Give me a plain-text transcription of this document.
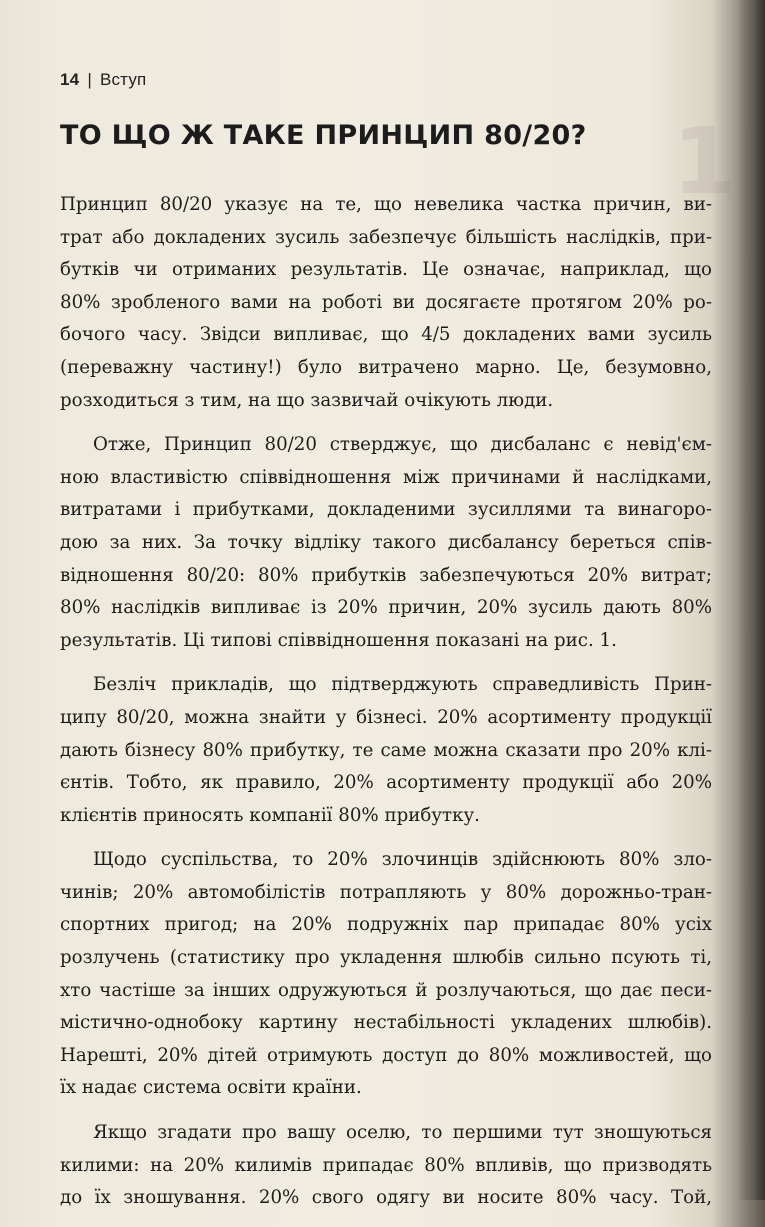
1
14 | Вступ
ТО ЩО Ж ТАКЕ ПРИНЦИП 80/20?

Принцип 80/20 указує на те, що невелика частка причин, ви-
трат або докладених зусиль забезпечує більшість наслідків, при-
бутків чи отриманих результатів. Це означає, наприклад, що
80% зробленого вами на роботі ви досягаєте протягом 20% ро-
бочого часу. Звідси випливає, що 4/5 докладених вами зусиль
(переважну частину!) було витрачено марно. Це, безумовно,
розходиться з тим, на що зазвичай очікують люди.

Отже, Принцип 80/20 стверджує, що дисбаланс є невід'єм-
ною властивістю співвідношення між причинами й наслідками,
витратами і прибутками, докладеними зусиллями та винагоро-
дою за них. За точку відліку такого дисбалансу береться спів-
відношення 80/20: 80% прибутків забезпечуються 20% витрат;
80% наслідків випливає із 20% причин, 20% зусиль дають 80%
результатів. Ці типові співвідношення показані на рис. 1.

Безліч прикладів, що підтверджують справедливість Прин-
ципу 80/20, можна знайти у бізнесі. 20% асортименту продукції
дають бізнесу 80% прибутку, те саме можна сказати про 20% клі-
єнтів. Тобто, як правило, 20% асортименту продукції або 20%
клієнтів приносять компанії 80% прибутку.

Щодо суспільства, то 20% злочинців здійснюють 80% зло-
чинів; 20% автомобілістів потрапляють у 80% дорожньо-тран-
спортних пригод; на 20% подружніх пар припадає 80% усіх
розлучень (статистику про укладення шлюбів сильно псують ті,
хто частіше за інших одружуються й розлучаються, що дає песи-
містично-однобоку картину нестабільності укладених шлюбів).
Нарешті, 20% дітей отримують доступ до 80% можливостей, що
їх надає система освіти країни.

Якщо згадати про вашу оселю, то першими тут зношуються
килими: на 20% килимів припадає 80% впливів, що призводять
до їх зношування. 20% свого одягу ви носите 80% часу. Той,
